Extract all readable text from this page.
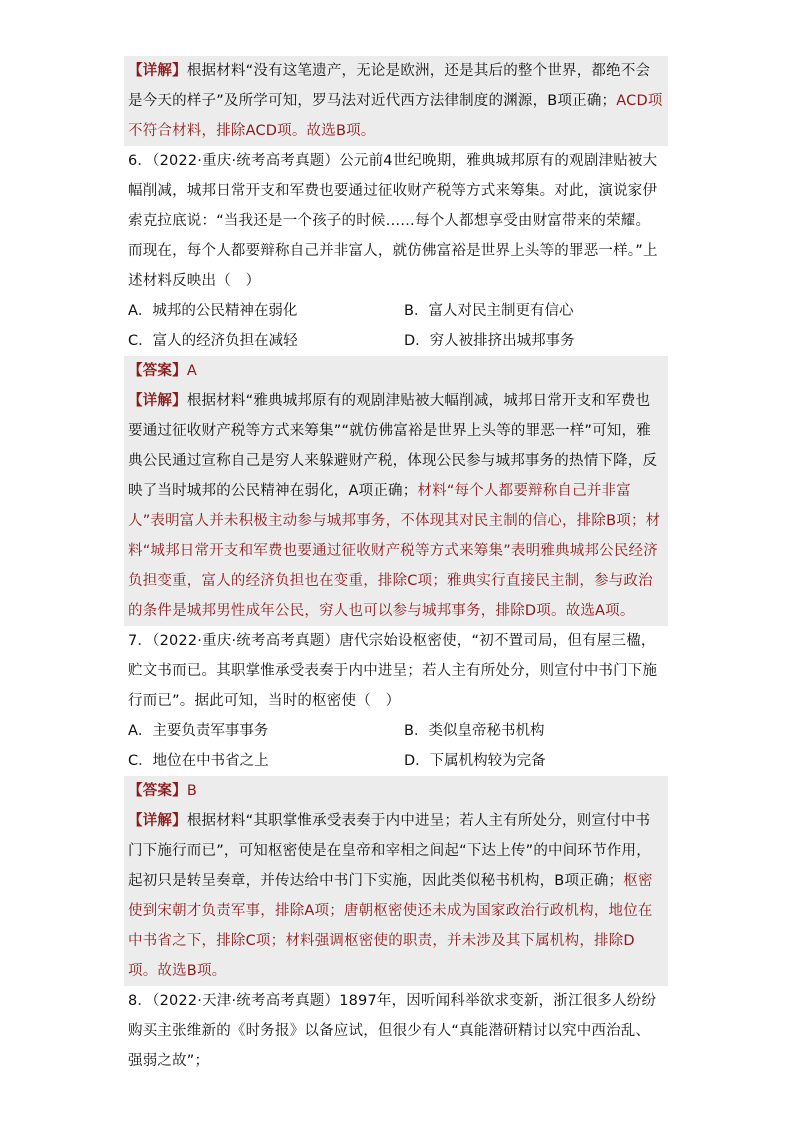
【详解】根据材料“没有这笔遗产，无论是欧洲，还是其后的整个世界，都绝不会是今天的样子”及所学可知，罗马法对近代西方法律制度的渊源，B项正确；ACD项不符合材料，排除ACD项。故选B项。

6．（2022·重庆·统考高考真题）公元前4世纪晚期，雅典城邦原有的观剧津贴被大幅削减，城邦日常开支和军费也要通过征收财产税等方式来筹集。对此，演说家伊索克拉底说：“当我还是一个孩子的时候……每个人都想享受由财富带来的荣耀。而现在，每个人都要辩称自己并非富人，就仿佛富裕是世界上头等的罪恶一样。”上述材料反映出（　）

A．城邦的公民精神在弱化	B．富人对民主制更有信心
C．富人的经济负担在减轻	D．穷人被排挤出城邦事务

【答案】A

【详解】根据材料“雅典城邦原有的观剧津贴被大幅削减，城邦日常开支和军费也要通过征收财产税等方式来筹集”“就仿佛富裕是世界上头等的罪恶一样”可知，雅典公民通过宣称自己是穷人来躲避财产税，体现公民参与城邦事务的热情下降，反映了当时城邦的公民精神在弱化，A项正确；材料“每个人都要辩称自己并非富人”表明富人并未积极主动参与城邦事务，不体现其对民主制的信心，排除B项；材料“城邦日常开支和军费也要通过征收财产税等方式来筹集”表明雅典城邦公民经济负担变重，富人的经济负担也在变重，排除C项；雅典实行直接民主制，参与政治的条件是城邦男性成年公民，穷人也可以参与城邦事务，排除D项。故选A项。

7．（2022·重庆·统考高考真题）唐代宗始设枢密使，“初不置司局，但有屋三楹，贮文书而已。其职掌惟承受表奏于内中进呈；若人主有所处分，则宣付中书门下施行而已”。据此可知，当时的枢密使（　）

A．主要负责军事事务	B．类似皇帝秘书机构
C．地位在中书省之上	D．下属机构较为完备

【答案】B

【详解】根据材料“其职掌惟承受表奏于内中进呈；若人主有所处分，则宣付中书门下施行而已”，可知枢密使是在皇帝和宰相之间起“下达上传”的中间环节作用，起初只是转呈奏章，并传达给中书门下实施，因此类似秘书机构，B项正确；枢密使到宋朝才负责军事，排除A项；唐朝枢密使还未成为国家政治行政机构，地位在中书省之下，排除C项；材料强调枢密使的职责，并未涉及其下属机构，排除D项。故选B项。

8．（2022·天津·统考高考真题）1897年，因听闻科举欲求变新，浙江很多人纷纷购买主张维新的《时务报》以备应试，但很少有人“真能潜研精讨以究中西治乱、强弱之故”；
